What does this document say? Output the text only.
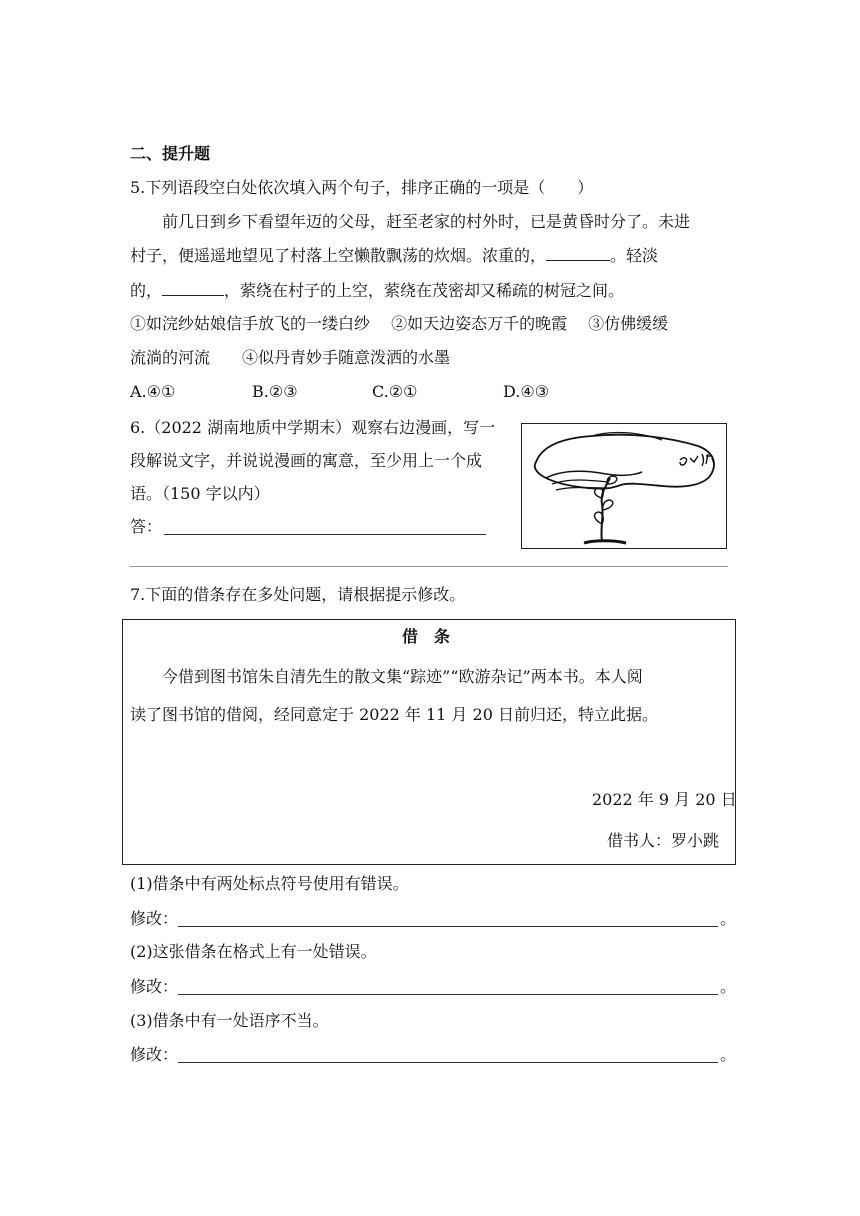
二、提升题
5.下列语段空白处依次填入两个句子，排序正确的一项是（　　）
前几日到乡下看望年迈的父母，赶至老家的村外时，已是黄昏时分了。未进
村子，便遥遥地望见了村落上空懒散飘荡的炊烟。浓重的，	。轻淡
的，	，萦绕在村子的上空，萦绕在茂密却又稀疏的树冠之间。
①如浣纱姑娘信手放飞的一缕白纱　 ②如天边姿态万千的晚霞　 ③仿佛缓缓
流淌的河流　　④似丹青妙手随意泼洒的水墨
A.④①	B.②③	C.②①	D.④③
6.（2022 湖南地质中学期末）观察右边漫画，写一
段解说文字，并说说漫画的寓意，至少用上一个成
语。（150 字以内）
答：
7.下面的借条存在多处问题，请根据提示修改。
借　条
今借到图书馆朱自清先生的散文集“踪迹”“欧游杂记”两本书。本人阅
读了图书馆的借阅，经同意定于 2022 年 11 月 20 日前归还，特立此据。
2022 年 9 月 20 日
借书人：罗小跳
(1)借条中有两处标点符号使用有错误。
修改：	。
(2)这张借条在格式上有一处错误。
修改：	。
(3)借条中有一处语序不当。
修改：	。
